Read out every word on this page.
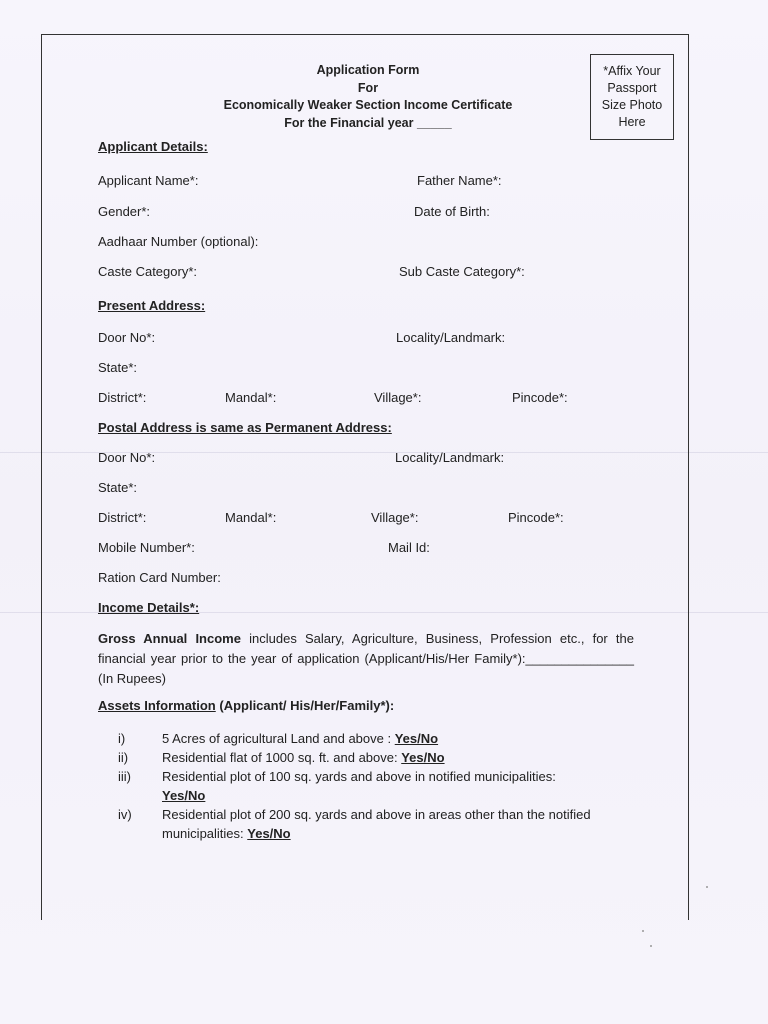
Application Form
For
Economically Weaker Section Income Certificate
For the Financial year _____
*Affix Your
Passport
Size Photo
Here
Applicant Details:
Applicant Name*:	Father Name*:
Gender*:	Date of Birth:
Aadhaar Number (optional):
Caste Category*:	Sub Caste Category*:
Present Address:
Door No*:	Locality/Landmark:
State*:
District*:	Mandal*:	Village*:	Pincode*:
Postal Address is same as Permanent Address:
Door No*:	Locality/Landmark:
State*:
District*:	Mandal*:	Village*:	Pincode*:
Mobile Number*:	Mail Id:
Ration Card Number:
Income Details*:
Gross Annual Income includes Salary, Agriculture, Business, Profession etc., for the financial year prior to the year of application (Applicant/His/Her Family*):_______________ (In Rupees)
Assets Information (Applicant/ His/Her/Family*):
i)	5 Acres of agricultural Land and above : Yes/No
ii)	Residential flat of 1000 sq. ft. and above: Yes/No
iii)	Residential plot of 100 sq. yards and above in notified municipalities:
Yes/No
iv)	Residential plot of 200 sq. yards and above in areas other than the notified municipalities: Yes/No
